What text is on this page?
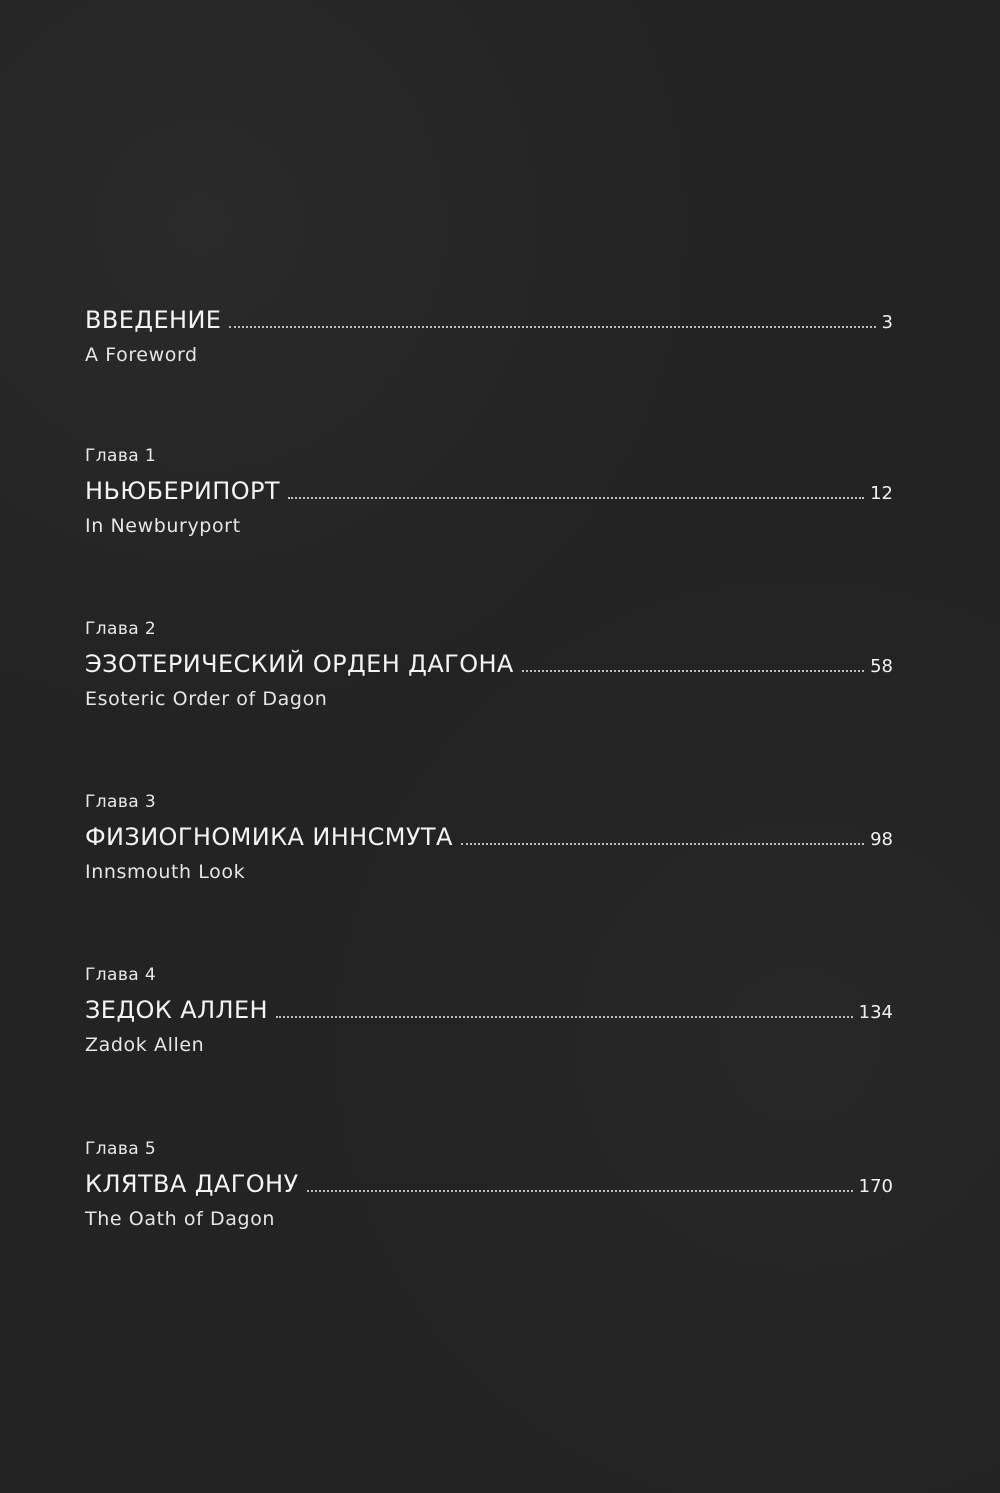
ВВЕДЕНИЕ	3
A Foreword
Глава 1
НЬЮБЕРИПОРТ	12
In Newburyport
Глава 2
ЭЗОТЕРИЧЕСКИЙ ОРДЕН ДАГОНА	58
Esoteric Order of Dagon
Глава 3
ФИЗИОГНОМИКА ИННСМУТА	98
Innsmouth Look
Глава 4
ЗЕДОК АЛЛЕН	134
Zadok Allen
Глава 5
КЛЯТВА ДАГОНУ	170
The Oath of Dagon
